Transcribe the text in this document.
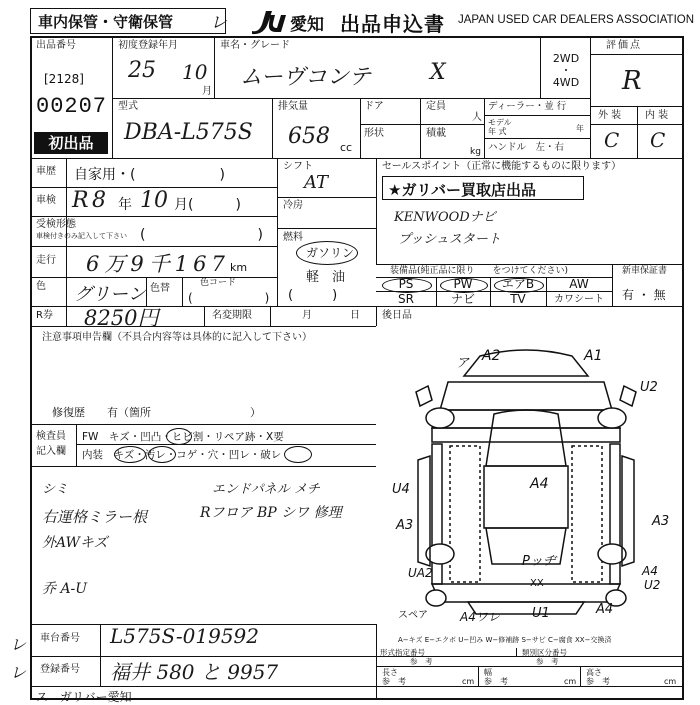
車内保管・守衛保管 レ	愛知 出品申込書 JAPAN USED CAR DEALERS ASSOCIATION
出品番号
[2128]
00207
初出品
初度登録年月
25 10
月
車名・グレード
ムーヴコンテ	X
2WD
・
4WD
評価点
R
外 装 内 装
C C
型式
DBA-L575S
排気量
658 cc
ドア	定員
人
形状	積載
kg
ディーラー・並 行
モデル
年 式	年
ハンドル　左・右
車歴 自家用・(　　　　　　)
車検 R 8 年 10 月(　　　)
受検形態
車検付きのみ記入して下さい (　　　　　　　　)
走行 6万9千167 km
色 グリーン 色替	色コード
(　　　　　　)
シフト
AT
冷房
燃料
ガソリン
軽　油
(　　　)
セールスポイント（正常に機能するものに限ります）
★ガリバー買取店出品
KENWOODナビ
プッシュスタート
装備品(純正品に限り　　をつけてください)
PS	PW	エアB	AW
SR	ナビ	TV	カワシート
新車保証書
有 ・ 無
R券 8250円	名変期限	月	日 後日品
注意事項申告欄（不具合内容等は具体的に記入して下さい）
修復歴　　有（箇所　　　　　　　　　）
検査員
記入欄
FW　キズ・凹凸・ヒビ割・リペア跡・X要
内装　キズ・汚レ・コゲ・穴・凹レ・破レ
シミ
右運格ミラー根
外AWキズ
エンドパネル メチ
Rフロア BP シワ 修理
乔 A-U
ア A2	A1
U2
A4
U4
A3	A3
Pッヂ
XX
UA2	A4
U2
スペア	A4ワレ U1	A4
A−キズ E−エクボ U−凹み W−修補跡 S−サビ C−腐食 XX−交換済
車台番号 L575S-019592
登録番号 福井 580 と 9957
レ
レ
形式指定番号
参　考
類別区分番号
参　考
長さ
参　考	cm
幅
参　考	cm
高さ
参　考	cm
ス　ガリバー愛知
